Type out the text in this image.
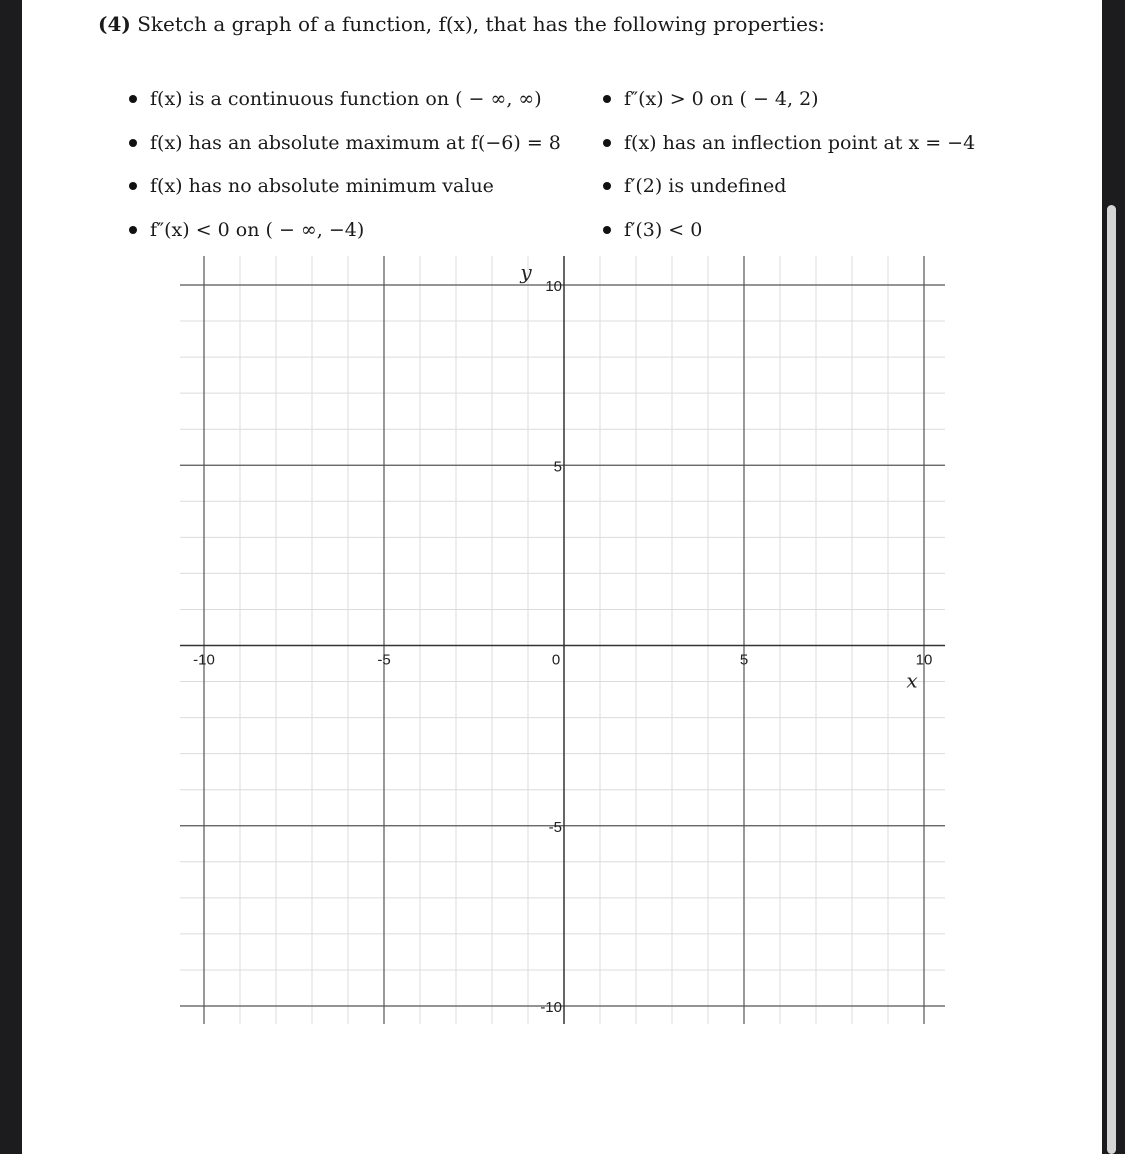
(4) Sketch a graph of a function, f(x), that has the following properties:
f(x) is a continuous function on ( − ∞, ∞)
f(x) has an absolute maximum at f(−6) = 8
f(x) has no absolute minimum value
f″(x) < 0 on ( − ∞, −4)
f″(x) > 0 on ( − 4, 2)
f(x) has an inflection point at x = −4
f′(2) is undefined
f′(3) < 0
-10	-5	0	5	10
10
5
-5
-10
x
y
